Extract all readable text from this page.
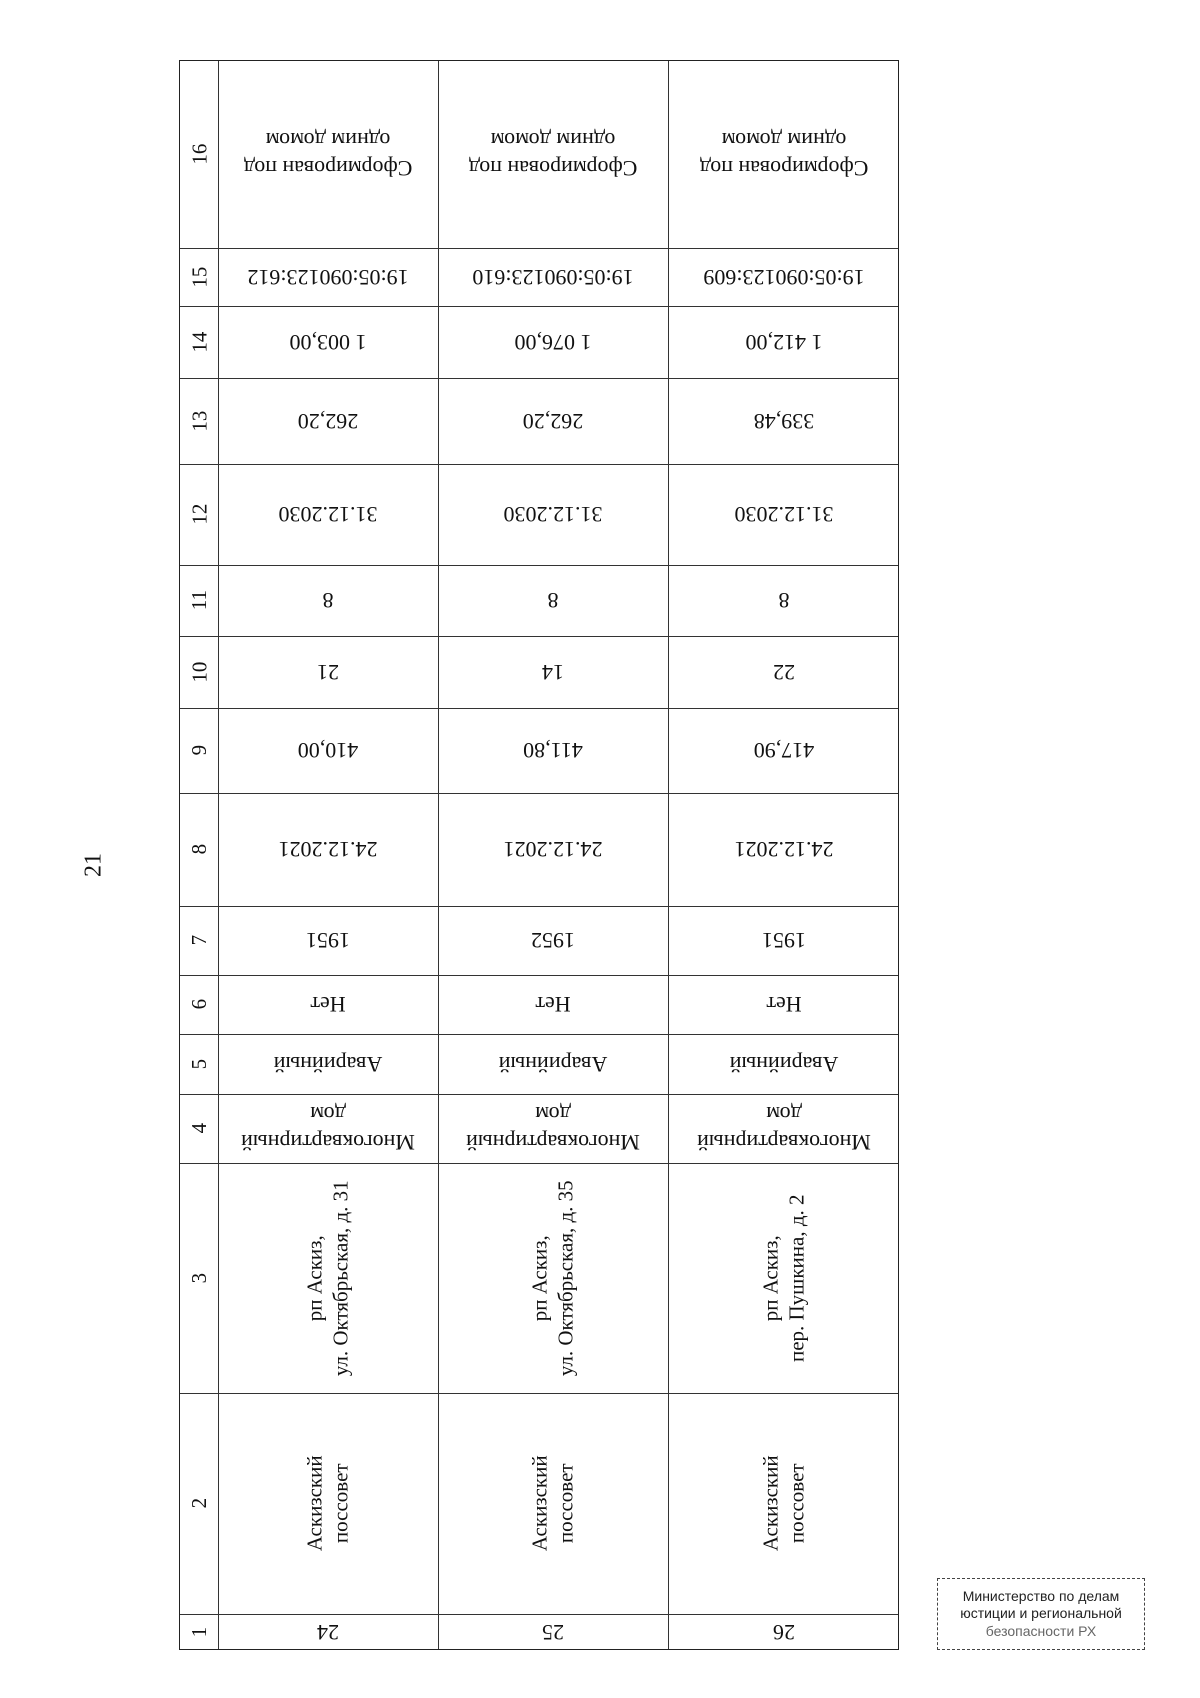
21
1
2
3
4
5
6
7
8
9
10
11
12
13
14
15
16
24
Аскизский
поссовет
рп Аскиз,
ул. Октябрьская, д. 31
Многоквартирный
дом
Аварийный
Нет
1951
24.12.2021
410,00
21
8
31.12.2030
262,20
1 003,00
19:05:090123:612
Сформирован под
одним домом
25
Аскизский
поссовет
рп Аскиз,
ул. Октябрьская, д. 35
Многоквартирный
дом
Аварийный
Нет
1952
24.12.2021
411,80
14
8
31.12.2030
262,20
1 076,00
19:05:090123:610
Сформирован под
одним домом
26
Аскизский
поссовет
рп Аскиз,
пер. Пушкина, д. 2
Многоквартирный
дом
Аварийный
Нет
1951
24.12.2021
417,90
22
8
31.12.2030
339,48
1 412,00
19:05:090123:609
Сформирован под
одним домом
Министерство по делам
юстиции и региональной
безопасности РХ
